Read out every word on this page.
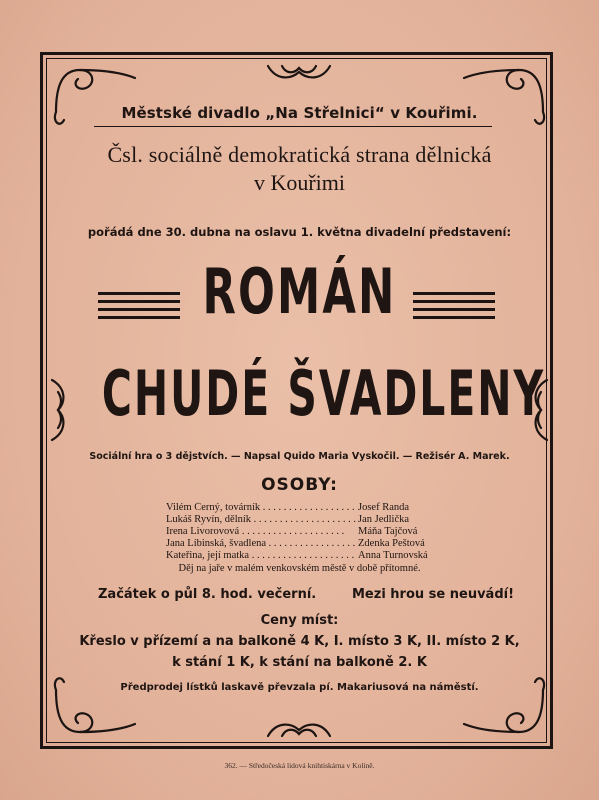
Městské divadlo „Na Střelnici“ v Kouřimi.
Čsl. sociálně demokratická strana dělnická
v Kouřimi
pořádá dne 30. dubna na oslavu 1. května divadelní představení:
ROMÁN
CHUDÉ ŠVADLENY
Sociální hra o 3 dějstvích. — Napsal Quido Maria Vyskočil. — Režisér A. Marek.
OSOBY:
Vilém Černý, továrník . . .	Josef Randa
Lukáš Ryvín, dělník . . .	Jan Jedlička
Irena Livorovová . . .	Máňa Tajčová
Jana Líbinská, švadlena . . .	Zdenka Peštová
Kateřina, její matka . . .	Anna Turnovská
Děj na jaře v malém venkovském městě v době přítomné.
Začátek o půl 8. hod. večerní.	Mezi hrou se neuvádí!
Ceny míst:
Křeslo v přízemí a na balkoně 4 K, I. místo 3 K, II. místo 2 K,
k stání 1 K, k stání na balkoně 2. K
Předprodej lístků laskavě převzala pí. Makariusová na náměstí.
362. — Středočeská lidová knihtiskárna v Kolíně.
